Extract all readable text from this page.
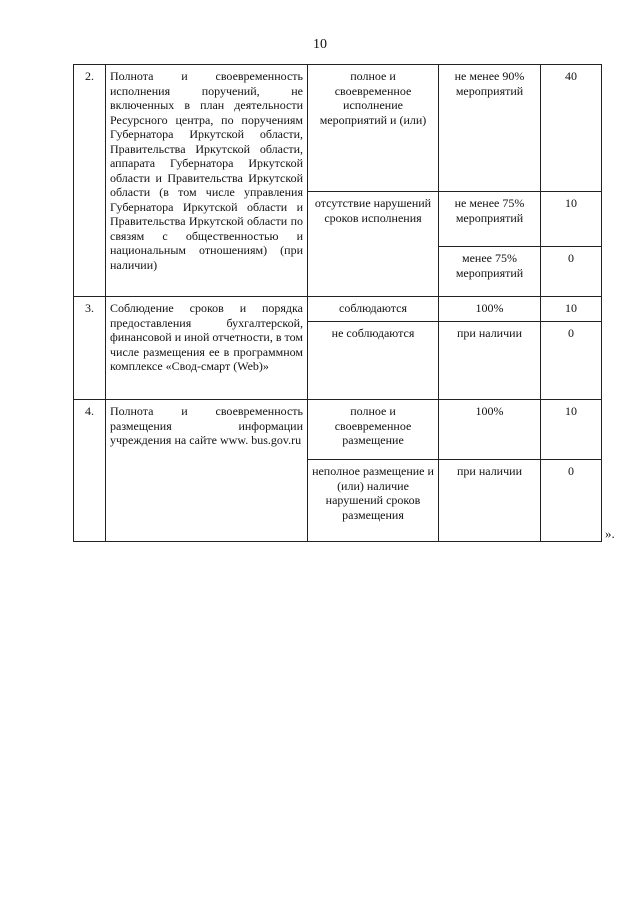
10
2.	Полнота и своевременность исполнения поручений, не включенных в план деятельности Ресурсного центра, по поручениям Губернатора Иркутской области, Правительства Иркутской области, аппарата Губернатора Иркутской области и Правительства Иркутской области (в том числе управления Губернатора Иркутской области и Правительства Иркутской области по связям с общественностью и национальным отношениям) (при наличии)	полное и своевременное исполнение мероприятий и (или)	не менее 90% мероприятий	40
		отсутствие нарушений сроков исполнения	не менее 75% мероприятий	10
			менее 75% мероприятий	0
3.	Соблюдение сроков и порядка предоставления бухгалтерской, финансовой и иной отчетности, в том числе размещения ее в программном комплексе «Свод-смарт (Web)»	соблюдаются	100%	10
		не соблюдаются	при наличии	0
4.	Полнота и своевременность размещения информации учреждения на сайте www. bus.gov.ru	полное и своевременное размещение	100%	10
		неполное размещение и (или) наличие нарушений сроков размещения	при наличии	0
».
